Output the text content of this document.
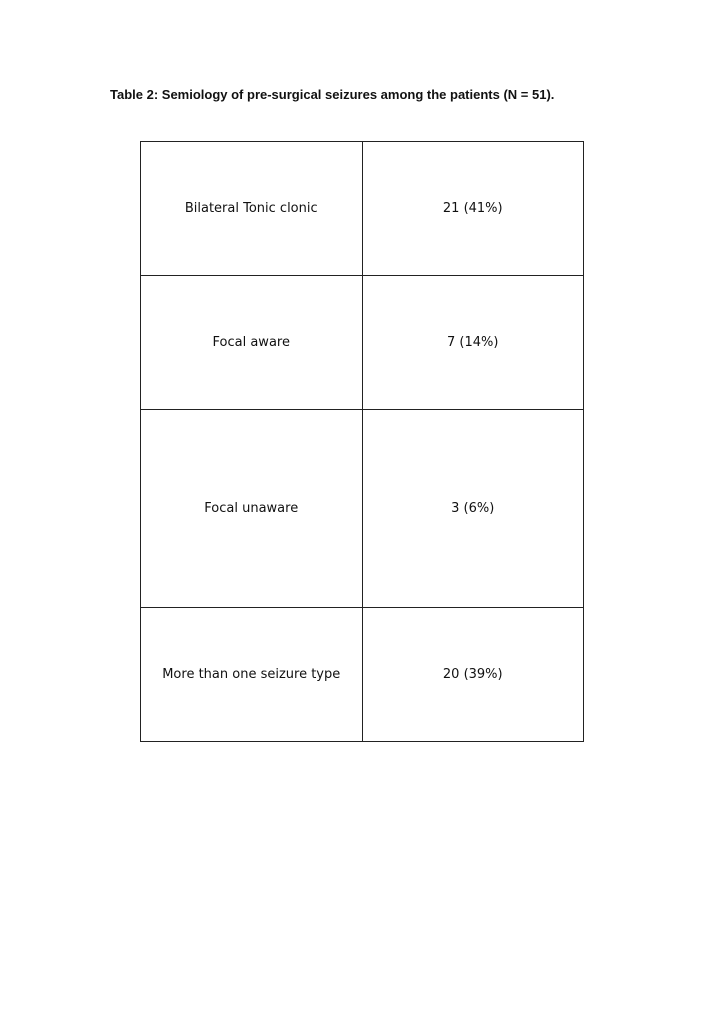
Table 2: Semiology of pre-surgical seizures among the patients (N = 51).
Bilateral Tonic clonic	21 (41%)
Focal aware	7 (14%)
Focal unaware	3 (6%)
More than one seizure type	20 (39%)
